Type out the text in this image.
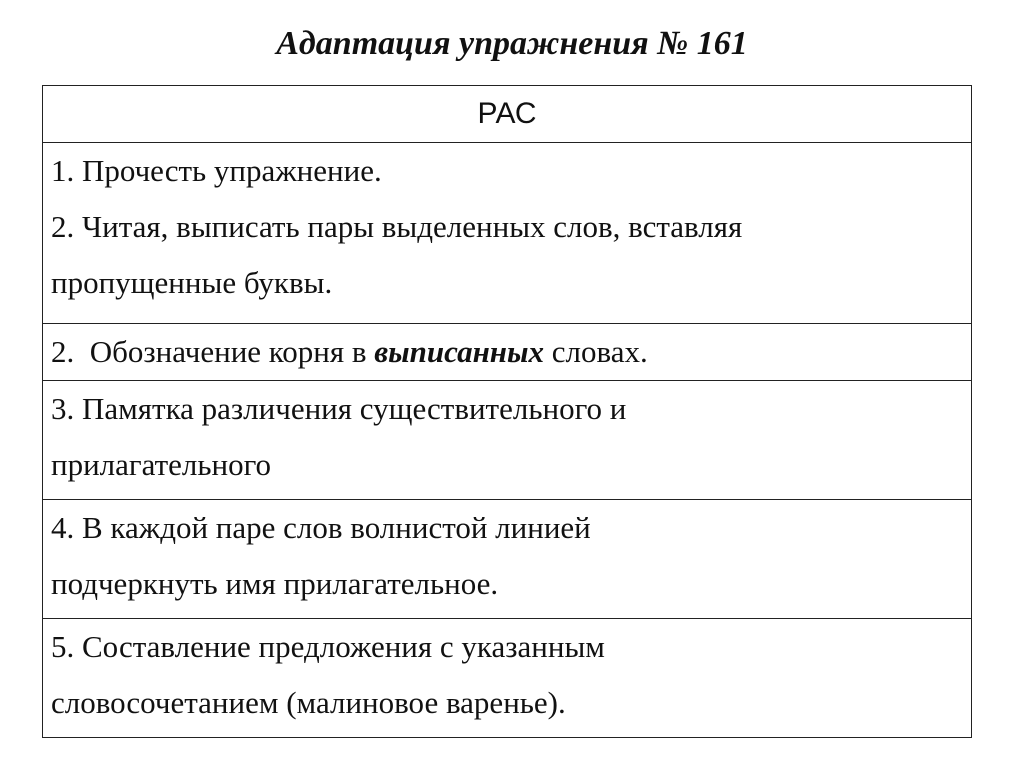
Адаптация упражнения № 161
РАС

1. Прочесть упражнение.
2. Читая, выписать пары выделенных слов, вставляя
пропущенные буквы.

2.  Обозначение корня в выписанных словах.

3. Памятка различения существительного и
прилагательного

4. В каждой паре слов волнистой линией
подчеркнуть имя прилагательное.

5. Составление предложения с указанным
словосочетанием (малиновое варенье).
